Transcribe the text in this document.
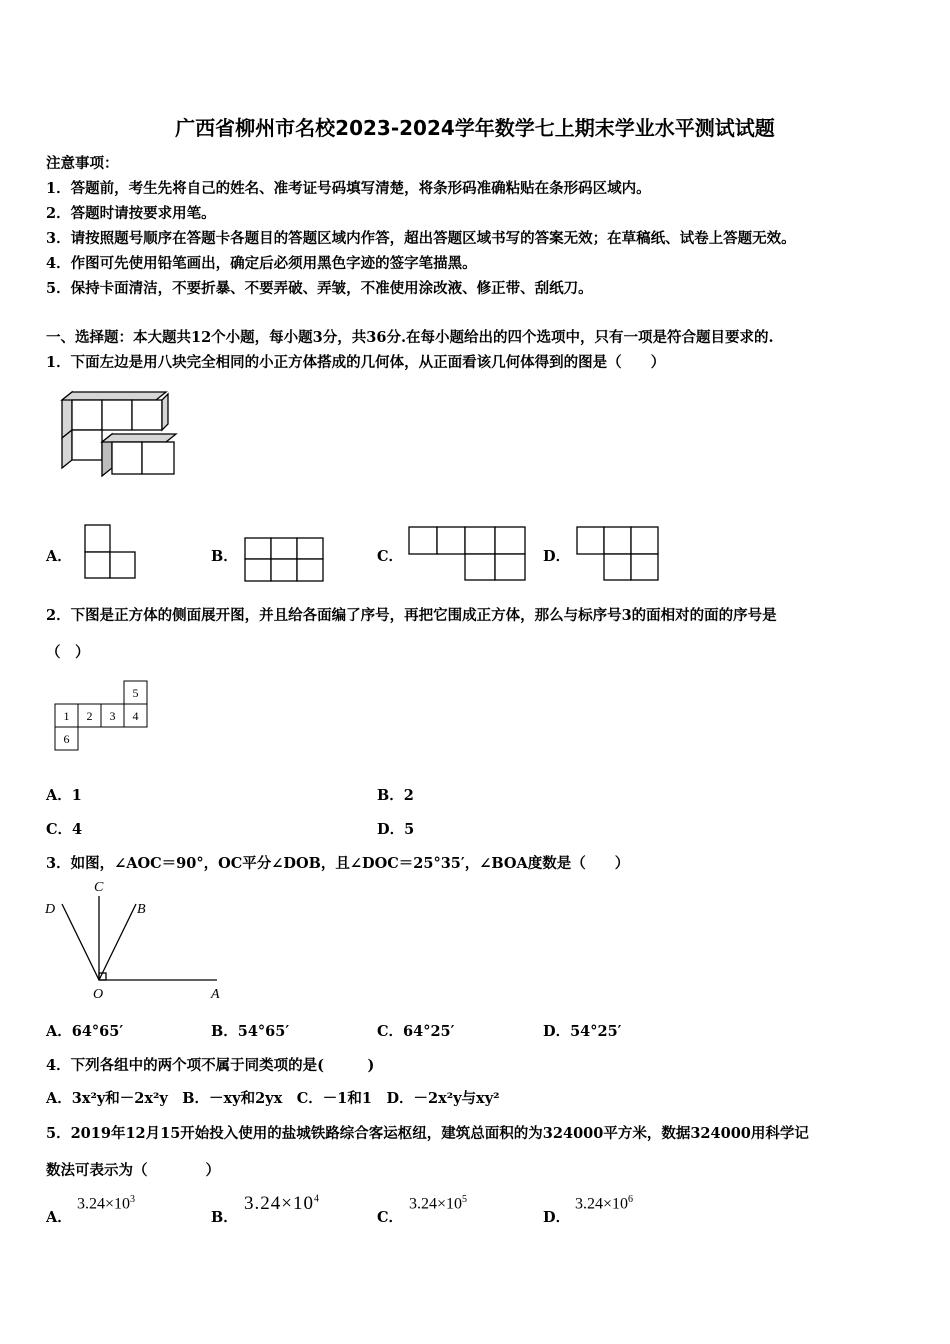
广西省柳州市名校2023-2024学年数学七上期末学业水平测试试题
注意事项：
1．答题前，考生先将自己的姓名、准考证号码填写清楚，将条形码准确粘贴在条形码区域内。
2．答题时请按要求用笔。
3．请按照题号顺序在答题卡各题目的答题区域内作答，超出答题区域书写的答案无效；在草稿纸、试卷上答题无效。
4．作图可先使用铅笔画出，确定后必须用黑色字迹的签字笔描黑。
5．保持卡面清洁，不要折暴、不要弄破、弄皱，不准使用涂改液、修正带、刮纸刀。
一、选择题：本大题共12个小题，每小题3分，共36分.在每小题给出的四个选项中，只有一项是符合题目要求的.
1．下面左边是用八块完全相同的小正方体搭成的几何体，从正面看该几何体得到的图是（　　）
A．	B．	C．	D．
2．下图是正方体的侧面展开图，并且给各面编了序号，再把它围成正方体，那么与标序号3的面相对的面的序号是
（　）
5
1 2 3 4
6
A．1	B．2
C．4	D．5
3．如图，∠AOC＝90°，OC平分∠DOB，且∠DOC＝25°35′，∠BOA度数是（　　）
C
D	B
O	A
A．64°65′	B．54°65′	C．64°25′	D．54°25′
4．下列各组中的两个项不属于同类项的是(　　　)
A．3x²y和－2x²y　B．－xy和2yx　C．－1和1　D．－2x²y与xy²
5．2019年12月15开始投入使用的盐城铁路综合客运枢纽，建筑总面积的为324000平方米，数据324000用科学记
数法可表示为（　　　　）
A．
$3.24\times 10^3$
B．
$3.24\times 10^4$
C．
$3.24\times 10^5$
D．
$3.24\times 10^6$
